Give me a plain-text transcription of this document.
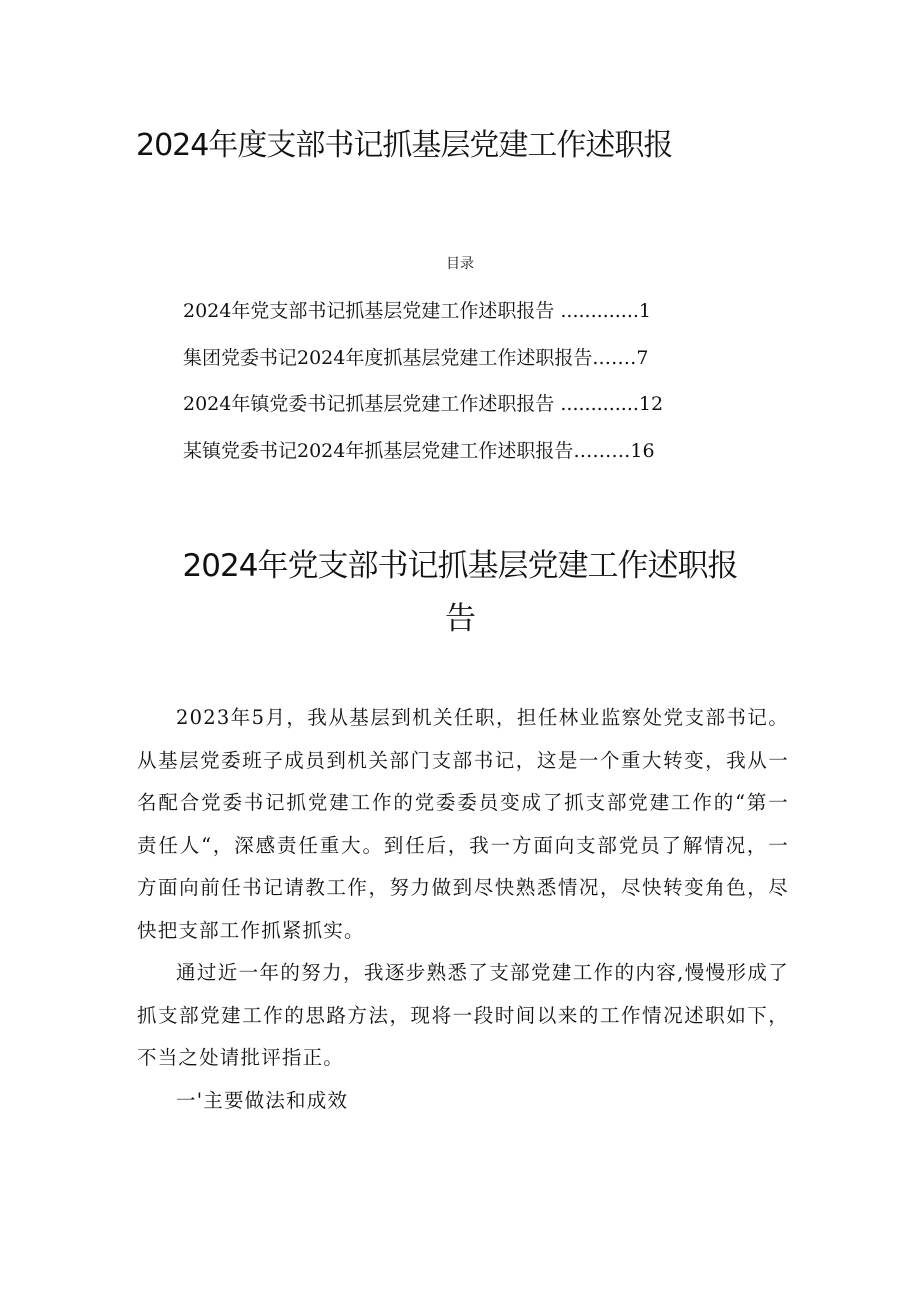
2024年度支部书记抓基层党建工作述职报
目录
2024年党支部书记抓基层党建工作述职报告 .............1
集团党委书记2024年度抓基层党建工作述职报告.……7
2024年镇党委书记抓基层党建工作述职报告 .............12
某镇党委书记2024年抓基层党建工作述职报告………16
2024年党支部书记抓基层党建工作述职报
告

2023年5月，我从基层到机关任职，担任林业监察处党支部书记。从基层党委班子成员到机关部门支部书记，这是一个重大转变，我从一名配合党委书记抓党建工作的党委委员变成了抓支部党建工作的“第一责任人“，深感责任重大。到任后，我一方面向支部党员了解情况，一方面向前任书记请教工作，努力做到尽快熟悉情况，尽快转变角色，尽快把支部工作抓紧抓实。

通过近一年的努力，我逐步熟悉了支部党建工作的内容,慢慢形成了抓支部党建工作的思路方法，现将一段时间以来的工作情况述职如下，不当之处请批评指正。

一'主要做法和成效
